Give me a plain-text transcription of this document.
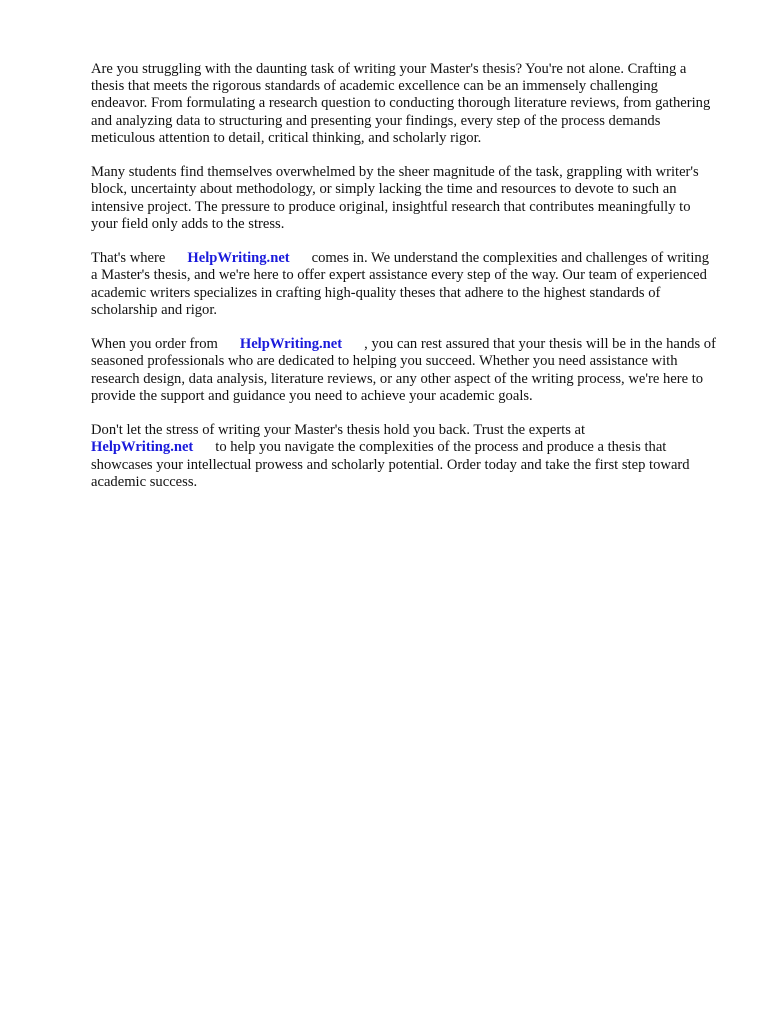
Are you struggling with the daunting task of writing your Master's thesis? You're not alone. Crafting a thesis that meets the rigorous standards of academic excellence can be an immensely challenging endeavor. From formulating a research question to conducting thorough literature reviews, from gathering and analyzing data to structuring and presenting your findings, every step of the process demands meticulous attention to detail, critical thinking, and scholarly rigor.

Many students find themselves overwhelmed by the sheer magnitude of the task, grappling with writer's block, uncertainty about methodology, or simply lacking the time and resources to devote to such an intensive project. The pressure to produce original, insightful research that contributes meaningfully to your field only adds to the stress.

That's where HelpWriting.net comes in. We understand the complexities and challenges of writing a Master's thesis, and we're here to offer expert assistance every step of the way. Our team of experienced academic writers specializes in crafting high-quality theses that adhere to the highest standards of scholarship and rigor.

When you order from HelpWriting.net , you can rest assured that your thesis will be in the hands of seasoned professionals who are dedicated to helping you succeed. Whether you need assistance with research design, data analysis, literature reviews, or any other aspect of the writing process, we're here to provide the support and guidance you need to achieve your academic goals.

Don't let the stress of writing your Master's thesis hold you back. Trust the experts at HelpWriting.net to help you navigate the complexities of the process and produce a thesis that showcases your intellectual prowess and scholarly potential. Order today and take the first step toward academic success.
